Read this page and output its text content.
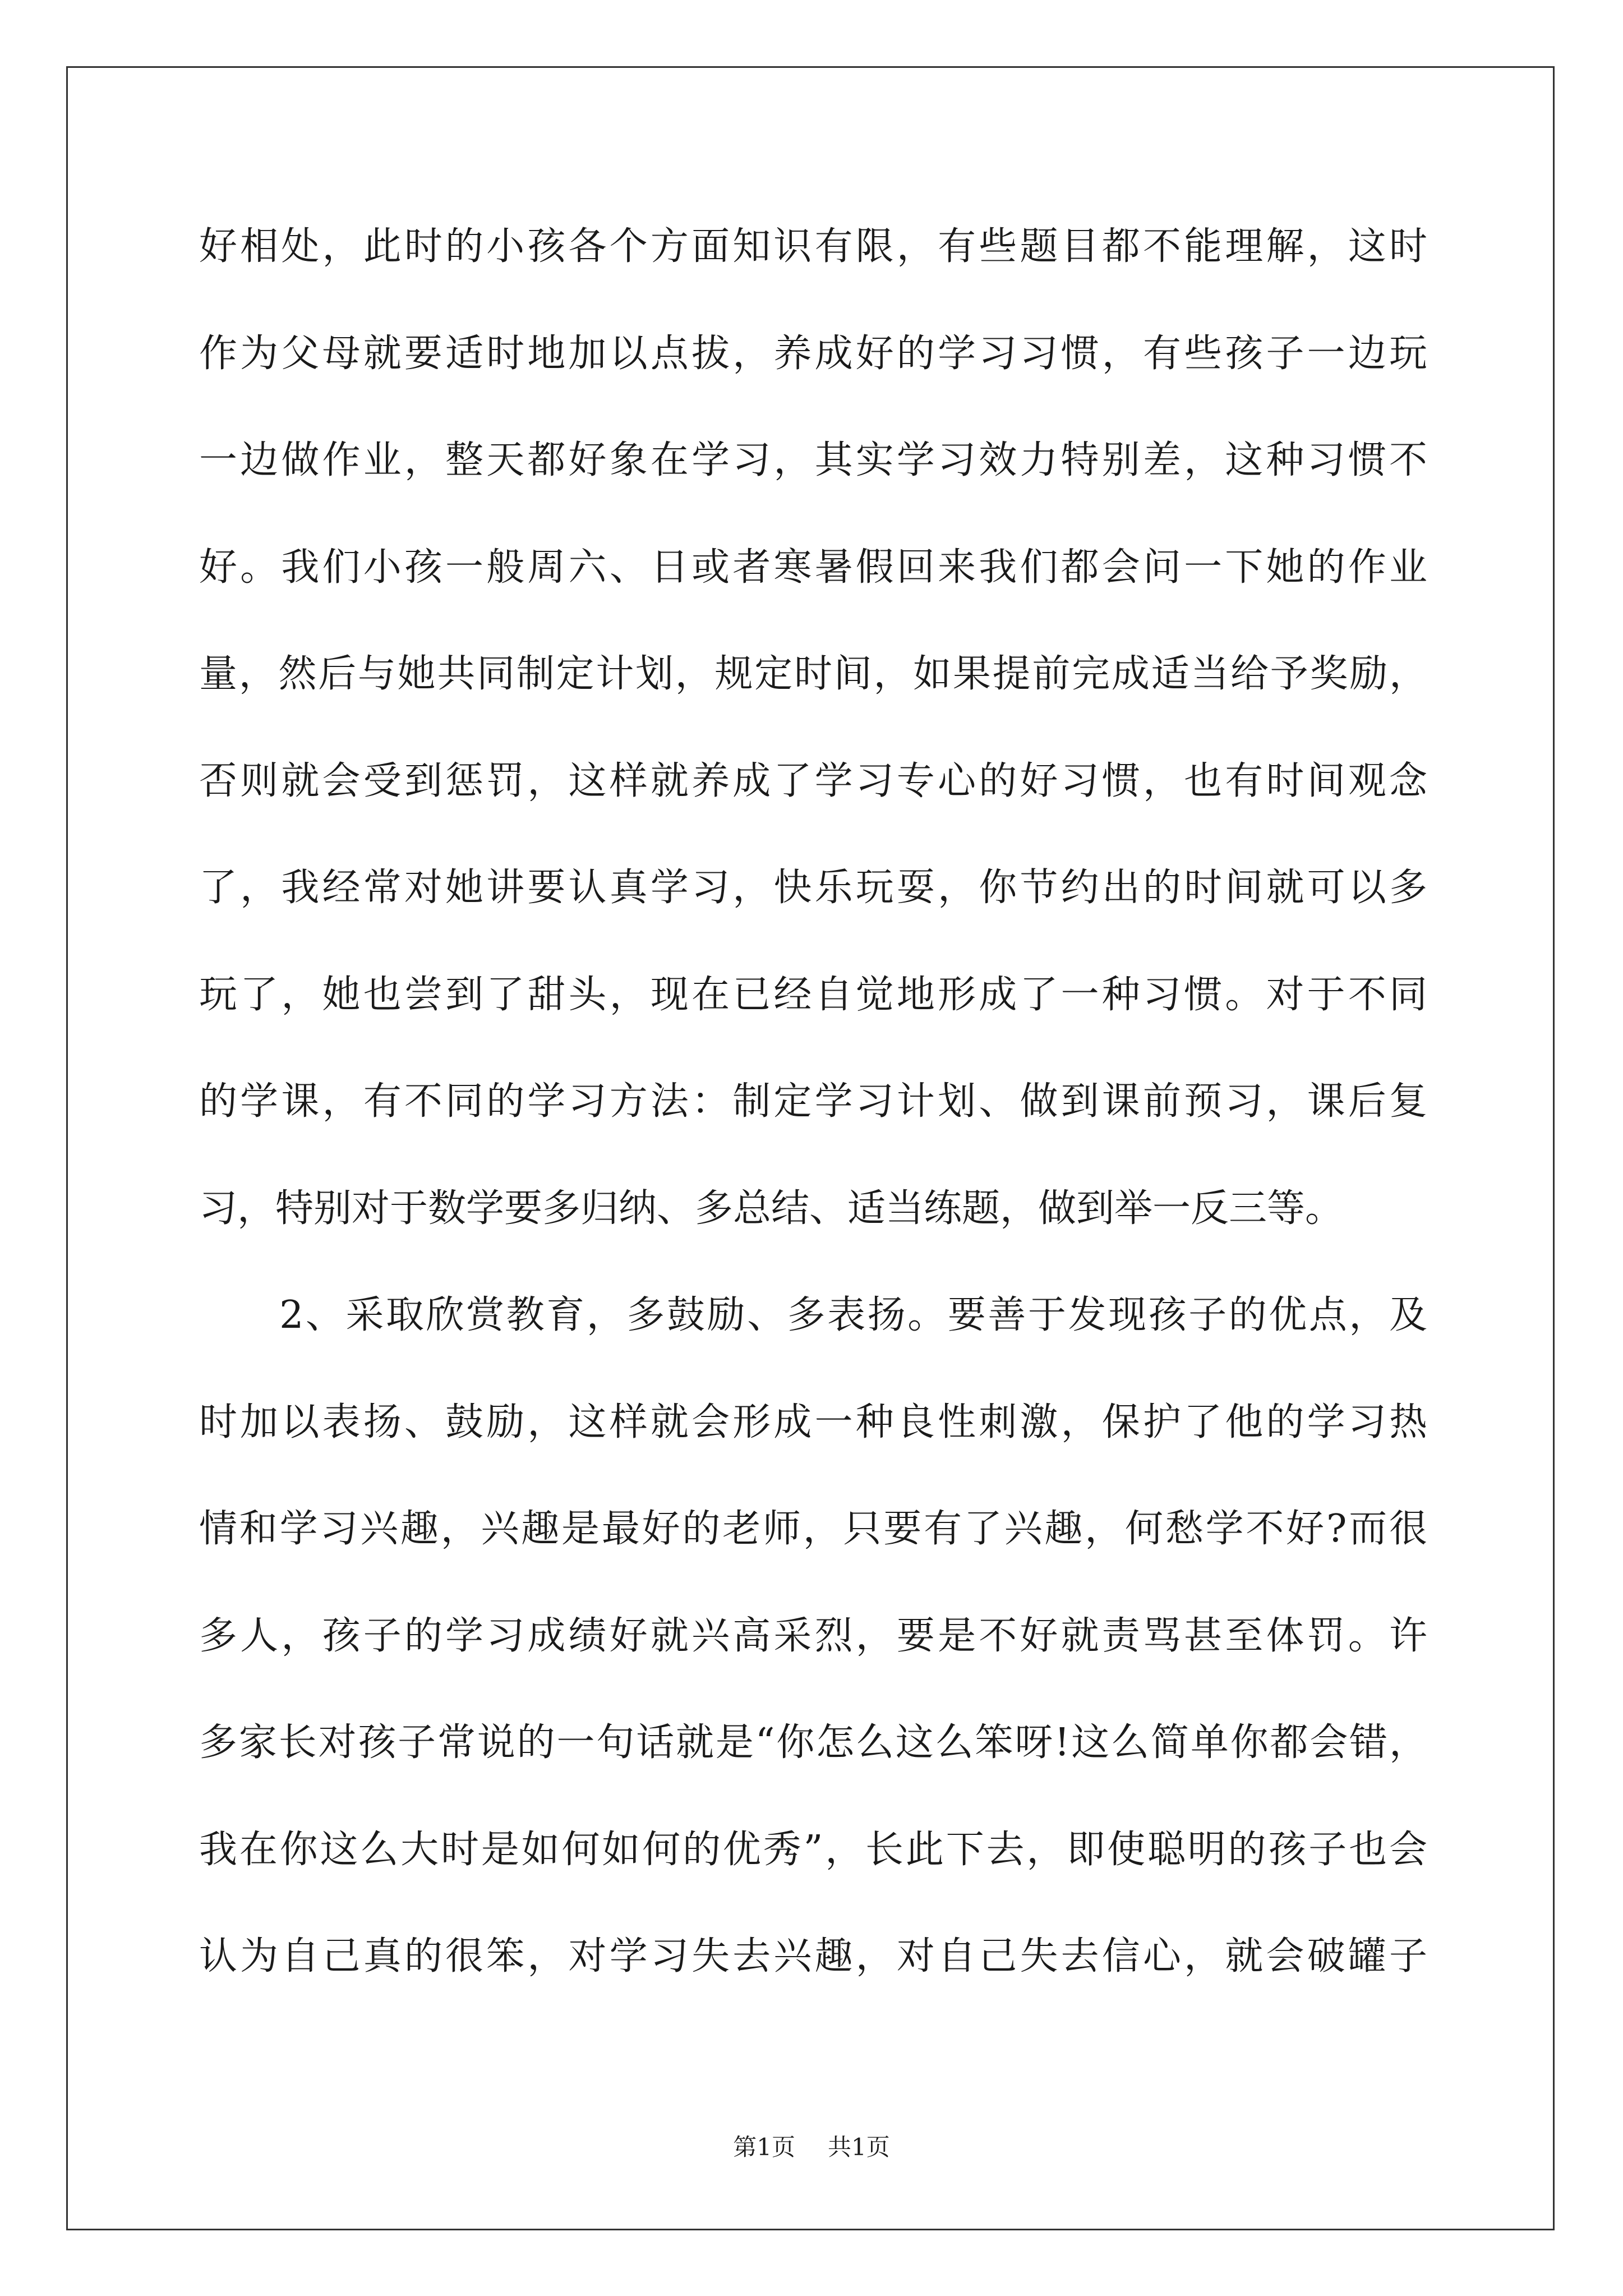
好相处，此时的小孩各个方面知识有限，有些题目都不能理解，这时
作为父母就要适时地加以点拔，养成好的学习习惯，有些孩子一边玩
一边做作业，整天都好象在学习，其实学习效力特别差，这种习惯不
好。我们小孩一般周六、日或者寒暑假回来我们都会问一下她的作业
量，然后与她共同制定计划，规定时间，如果提前完成适当给予奖励，
否则就会受到惩罚，这样就养成了学习专心的好习惯，也有时间观念
了，我经常对她讲要认真学习，快乐玩耍，你节约出的时间就可以多
玩了，她也尝到了甜头，现在已经自觉地形成了一种习惯。对于不同
的学课，有不同的学习方法：制定学习计划、做到课前预习，课后复
习，特别对于数学要多归纳、多总结、适当练题，做到举一反三等。
　　2、采取欣赏教育，多鼓励、多表扬。要善于发现孩子的优点，及
时加以表扬、鼓励，这样就会形成一种良性刺激，保护了他的学习热
情和学习兴趣，兴趣是最好的老师，只要有了兴趣，何愁学不好?而很
多人，孩子的学习成绩好就兴高采烈，要是不好就责骂甚至体罚。许
多家长对孩子常说的一句话就是“你怎么这么笨呀!这么简单你都会错，
我在你这么大时是如何如何的优秀”，长此下去，即使聪明的孩子也会
认为自己真的很笨，对学习失去兴趣，对自己失去信心，就会破罐子
第1页 共1页
